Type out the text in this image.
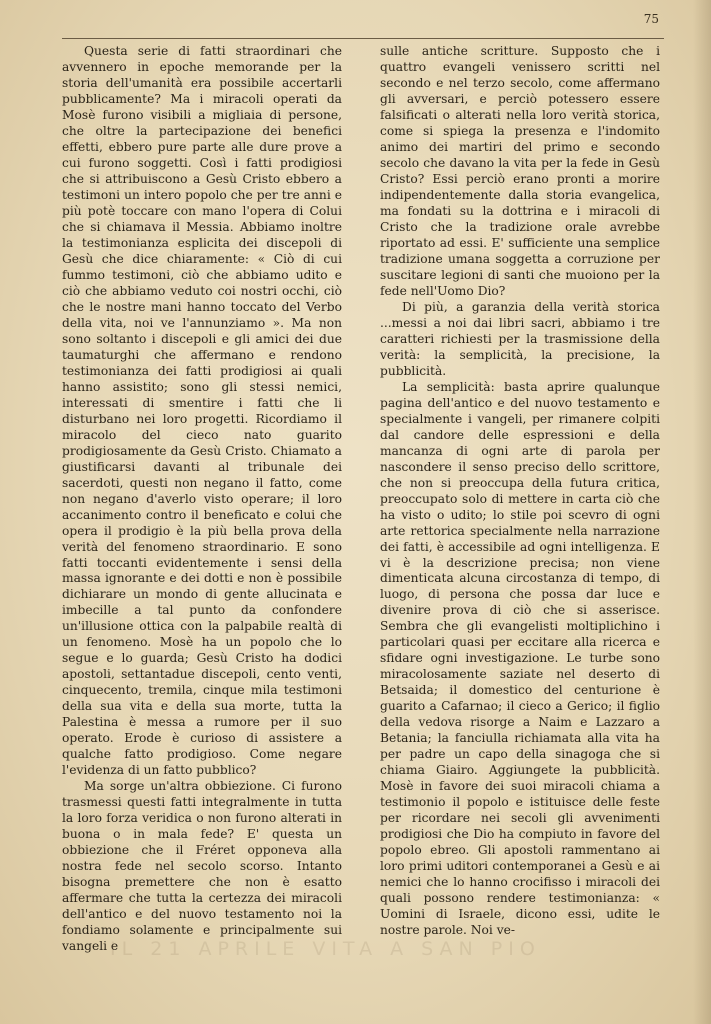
75

Questa serie di fatti straordinari che avvennero in epoche memorande per la storia dell'umanità era possibile accertarli pubblicamente? Ma i miracoli operati da Mosè furono visibili a migliaia di persone, che oltre la partecipazione dei benefici effetti, ebbero pure parte alle dure prove a cui furono soggetti. Così i fatti prodigiosi che si attribuiscono a Gesù Cristo ebbero a testimoni un intero popolo che per tre anni e più potè toccare con mano l'opera di Colui che si chiamava il Messia. Abbiamo inoltre la testimonianza esplicita dei discepoli di Gesù che dice chiaramente: « Ciò di cui fummo testimoni, ciò che abbiamo udito e ciò che abbiamo veduto coi nostri occhi, ciò che le nostre mani hanno toccato del Verbo della vita, noi ve l'annunziamo ». Ma non sono soltanto i discepoli e gli amici dei due taumaturghi che affermano e rendono testimonianza dei fatti prodigiosi ai quali hanno assistito; sono gli stessi nemici, interessati di smentire i fatti che li disturbano nei loro progetti. Ricordiamo il miracolo del cieco nato guarito prodigiosamente da Gesù Cristo. Chiamato a giustificarsi davanti al tribunale dei sacerdoti, questi non negano il fatto, come non negano d'averlo visto operare; il loro accanimento contro il beneficato e colui che opera il prodigio è la più bella prova della verità del fenomeno straordinario. E sono fatti toccanti evidentemente i sensi della massa ignorante e dei dotti e non è possibile dichiarare un mondo di gente allucinata e imbecille a tal punto da confondere un'illusione ottica con la palpabile realtà di un fenomeno. Mosè ha un popolo che lo segue e lo guarda; Gesù Cristo ha dodici apostoli, settantadue discepoli, cento venti, cinquecento, tremila, cinque mila testimoni della sua vita e della sua morte, tutta la Palestina è messa a rumore per il suo operato. Erode è curioso di assistere a qualche fatto prodigioso. Come negare l'evidenza di un fatto pubblico?

Ma sorge un'altra obbiezione. Ci furono trasmessi questi fatti integralmente in tutta la loro forza veridica o non furono alterati in buona o in mala fede? E' questa un obbiezione che il Fréret opponeva alla nostra fede nel secolo scorso. Intanto bisogna premettere che non è esatto affermare che tutta la certezza dei miracoli dell'antico e del nuovo testamento noi la fondiamo solamente e principalmente sui vangeli e

sulle antiche scritture. Supposto che i quattro evangeli venissero scritti nel secondo e nel terzo secolo, come affermano gli avversari, e perciò potessero essere falsificati o alterati nella loro verità storica, come si spiega la presenza e l'indomito animo dei martiri del primo e secondo secolo che davano la vita per la fede in Gesù Cristo? Essi perciò erano pronti a morire indipendentemente dalla storia evangelica, ma fondati su la dottrina e i miracoli di Cristo che la tradizione orale avrebbe riportato ad essi. E' sufficiente una semplice tradizione umana soggetta a corruzione per suscitare legioni di santi che muoiono per la fede nell'Uomo Dio?

Di più, a garanzia della verità storica ...messi a noi dai libri sacri, abbiamo i tre caratteri richiesti per la trasmissione della verità: la semplicità, la precisione, la pubblicità.

La semplicità: basta aprire qualunque pagina dell'antico e del nuovo testamento e specialmente i vangeli, per rimanere colpiti dal candore delle espressioni e della mancanza di ogni arte di parola per nascondere il senso preciso dello scrittore, che non si preoccupa della futura critica, preoccupato solo di mettere in carta ciò che ha visto o udito; lo stile poi scevro di ogni arte rettorica specialmente nella narrazione dei fatti, è accessibile ad ogni intelligenza. E vi è la descrizione precisa; non viene dimenticata alcuna circostanza di tempo, di luogo, di persona che possa dar luce e divenire prova di ciò che si asserisce. Sembra che gli evangelisti moltiplichino i particolari quasi per eccitare alla ricerca e sfidare ogni investigazione. Le turbe sono miracolosamente saziate nel deserto di Betsaida; il domestico del centurione è guarito a Cafarnao; il cieco a Gerico; il figlio della vedova risorge a Naim e Lazzaro a Betania; la fanciulla richiamata alla vita ha per padre un capo della sinagoga che si chiama Giairo. Aggiungete la pubblicità. Mosè in favore dei suoi miracoli chiama a testimonio il popolo e istituisce delle feste per ricordare nei secoli gli avvenimenti prodigiosi che Dio ha compiuto in favore del popolo ebreo. Gli apostoli rammentano ai loro primi uditori contemporanei a Gesù e ai nemici che lo hanno crocifisso i miracoli dei quali possono rendere testimonianza: « Uomini di Israele, dicono essi, udite le nostre parole. Noi ve-

IL 21 APRILE VITA A SAN PIO
